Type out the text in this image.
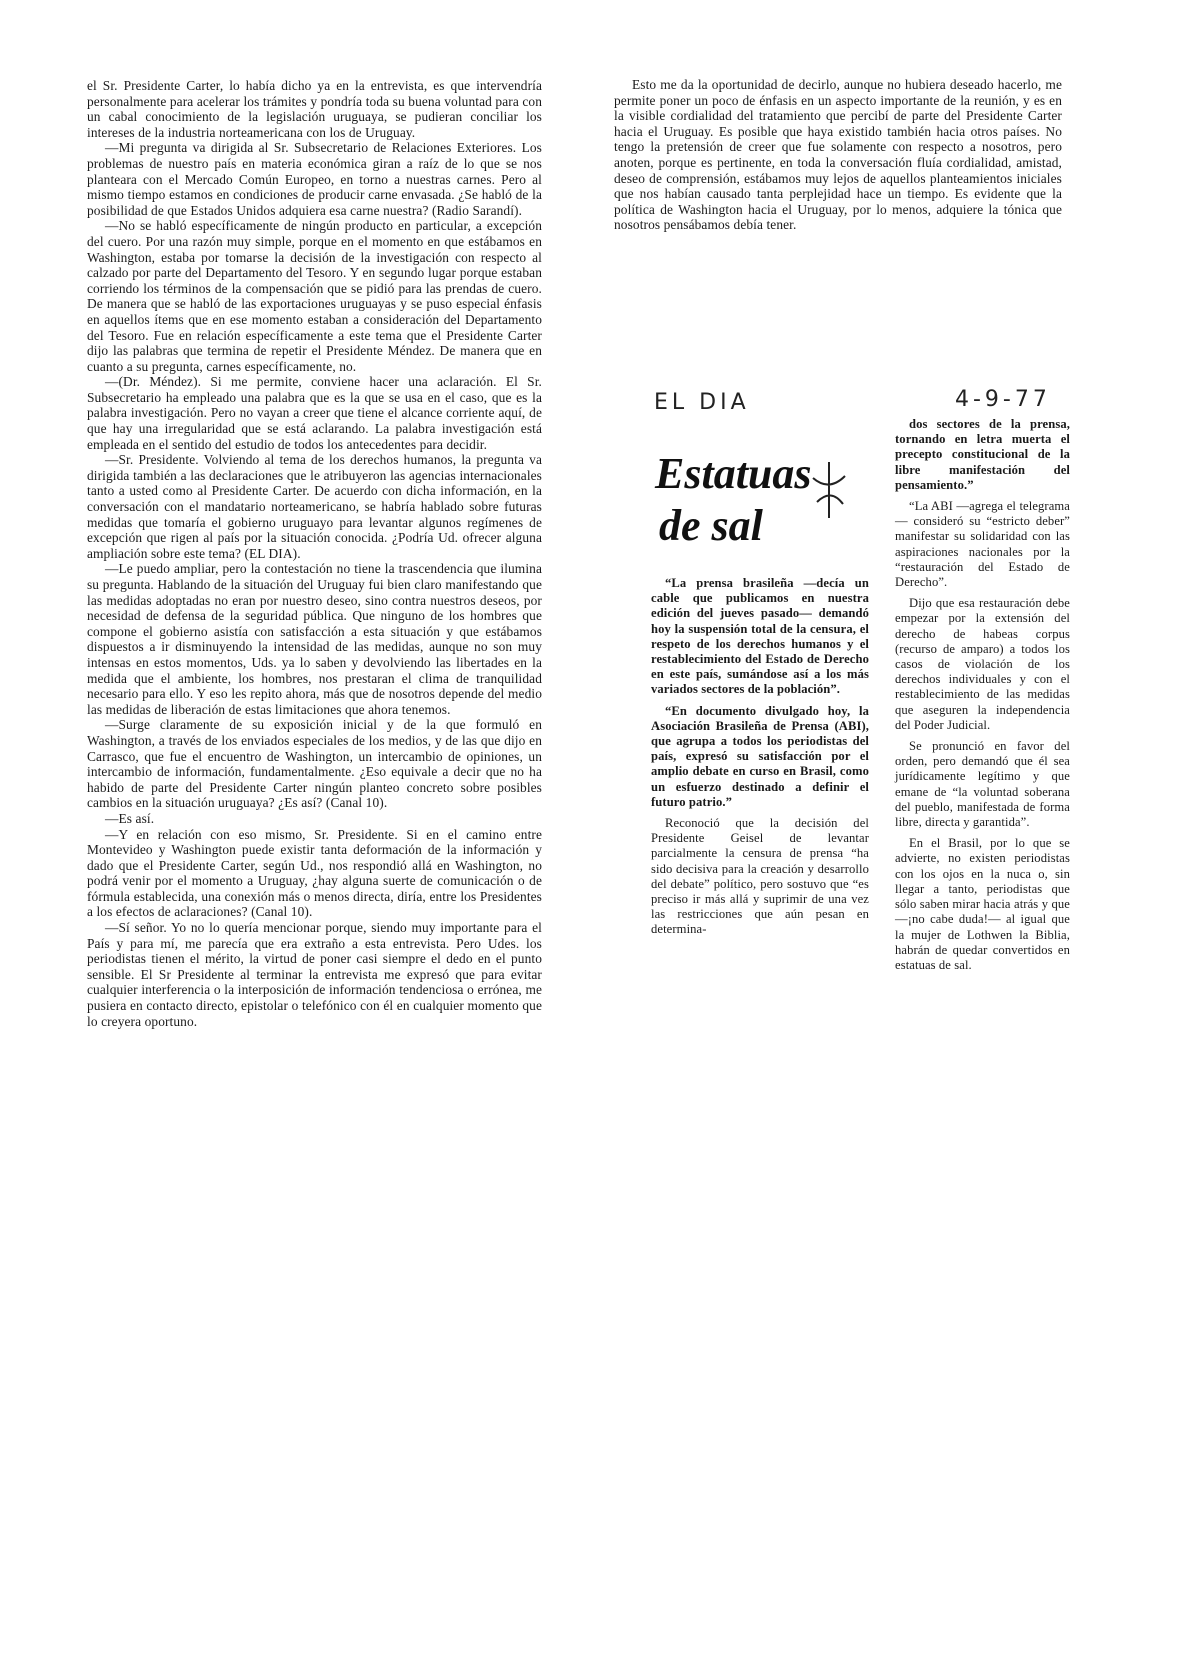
el Sr. Presidente Carter, lo había dicho ya en la entrevista, es que intervendría personalmente para acelerar los trámites y pondría toda su buena voluntad para con un cabal conocimiento de la legislación uruguaya, se pudieran conciliar los intereses de la industria norteamericana con los de Uruguay.

—Mi pregunta va dirigida al Sr. Subsecretario de Relaciones Exteriores. Los problemas de nuestro país en materia económica giran a raíz de lo que se nos planteara con el Mercado Común Europeo, en torno a nuestras carnes. Pero al mismo tiempo estamos en condiciones de producir carne envasada. ¿Se habló de la posibilidad de que Estados Unidos adquiera esa carne nuestra? (Radio Sarandí).

—No se habló específicamente de ningún producto en particular, a excepción del cuero. Por una razón muy simple, porque en el momento en que estábamos en Washington, estaba por tomarse la decisión de la investigación con respecto al calzado por parte del Departamento del Tesoro. Y en segundo lugar porque estaban corriendo los términos de la compensación que se pidió para las prendas de cuero. De manera que se habló de las exportaciones uruguayas y se puso especial énfasis en aquellos ítems que en ese momento estaban a consideración del Departamento del Tesoro. Fue en relación específicamente a este tema que el Presidente Carter dijo las palabras que termina de repetir el Presidente Méndez. De manera que en cuanto a su pregunta, carnes específicamente, no.

—(Dr. Méndez). Si me permite, conviene hacer una aclaración. El Sr. Subsecretario ha empleado una palabra que es la que se usa en el caso, que es la palabra investigación. Pero no vayan a creer que tiene el alcance corriente aquí, de que hay una irregularidad que se está aclarando. La palabra investigación está empleada en el sentido del estudio de todos los antecedentes para decidir.

—Sr. Presidente. Volviendo al tema de los derechos humanos, la pregunta va dirigida también a las declaraciones que le atribuyeron las agencias internacionales tanto a usted como al Presidente Carter. De acuerdo con dicha información, en la conversación con el mandatario norteamericano, se habría hablado sobre futuras medidas que tomaría el gobierno uruguayo para levantar algunos regímenes de excepción que rigen al país por la situación conocida. ¿Podría Ud. ofrecer alguna ampliación sobre este tema? (EL DIA).

—Le puedo ampliar, pero la contestación no tiene la trascendencia que ilumina su pregunta. Hablando de la situación del Uruguay fui bien claro manifestando que las medidas adoptadas no eran por nuestro deseo, sino contra nuestros deseos, por necesidad de defensa de la seguridad pública. Que ninguno de los hombres que compone el gobierno asistía con satisfacción a esta situación y que estábamos dispuestos a ir disminuyendo la intensidad de las medidas, aunque no son muy intensas en estos momentos, Uds. ya lo saben y devolviendo las libertades en la medida que el ambiente, los hombres, nos prestaran el clima de tranquilidad necesario para ello. Y eso les repito ahora, más que de nosotros depende del medio las medidas de liberación de estas limitaciones que ahora tenemos.

—Surge claramente de su exposición inicial y de la que formuló en Washington, a través de los enviados especiales de los medios, y de las que dijo en Carrasco, que fue el encuentro de Washington, un intercambio de opiniones, un intercambio de información, fundamentalmente. ¿Eso equivale a decir que no ha habido de parte del Presidente Carter ningún planteo concreto sobre posibles cambios en la situación uruguaya? ¿Es así? (Canal 10).

—Es así.

—Y en relación con eso mismo, Sr. Presidente. Si en el camino entre Montevideo y Washington puede existir tanta deformación de la información y dado que el Presidente Carter, según Ud., nos respondió allá en Washington, no podrá venir por el momento a Uruguay, ¿hay alguna suerte de comunicación o de fórmula establecida, una conexión más o menos directa, diría, entre los Presidentes a los efectos de aclaraciones? (Canal 10).

—Sí señor. Yo no lo quería mencionar porque, siendo muy importante para el País y para mí, me parecía que era extraño a esta entrevista. Pero Udes. los periodistas tienen el mérito, la virtud de poner casi siempre el dedo en el punto sensible. El Sr Presidente al terminar la entrevista me expresó que para evitar cualquier interferencia o la interposición de información tendenciosa o errónea, me pusiera en contacto directo, epistolar o telefónico con él en cualquier momento que lo creyera oportuno.

Esto me da la oportunidad de decirlo, aunque no hubiera deseado hacerlo, me permite poner un poco de énfasis en un aspecto importante de la reunión, y es en la visible cordialidad del tratamiento que percibí de parte del Presidente Carter hacia el Uruguay. Es posible que haya existido también hacia otros países. No tengo la pretensión de creer que fue solamente con respecto a nosotros, pero anoten, porque es pertinente, en toda la conversación fluía cordialidad, amistad, deseo de comprensión, estábamos muy lejos de aquellos planteamientos iniciales que nos habían causado tanta perplejidad hace un tiempo. Es evidente que la política de Washington hacia el Uruguay, por lo menos, adquiere la tónica que nosotros pensábamos debía tener.

EL DIA	4-9-77
Estatuas
de sal

“La prensa brasileña —decía un cable que publicamos en nuestra edición del jueves pasado— demandó hoy la suspensión total de la censura, el respeto de los derechos humanos y el restablecimiento del Estado de Derecho en este país, sumándose así a los más variados sectores de la población”.

“En documento divulgado hoy, la Asociación Brasileña de Prensa (ABI), que agrupa a todos los periodistas del país, expresó su satisfacción por el amplio debate en curso en Brasil, como un esfuerzo destinado a definir el futuro patrio.”

Reconoció que la decisión del Presidente Geisel de levantar parcialmente la censura de prensa “ha sido decisiva para la creación y desarrollo del debate” político, pero sostuvo que “es preciso ir más allá y suprimir de una vez las restricciones que aún pesan en determina-

dos sectores de la prensa, tornando en letra muerta el precepto constitucional de la libre manifestación del pensamiento.”

“La ABI —agrega el telegrama— consideró su “estricto deber” manifestar su solidaridad con las aspiraciones nacionales por la “restauración del Estado de Derecho”.

Dijo que esa restauración debe empezar por la extensión del derecho de habeas corpus (recurso de amparo) a todos los casos de violación de los derechos individuales y con el restablecimiento de las medidas que aseguren la independencia del Poder Judicial.

Se pronunció en favor del orden, pero demandó que él sea jurídicamente legítimo y que emane de “la voluntad soberana del pueblo, manifestada de forma libre, directa y garantida”.

En el Brasil, por lo que se advierte, no existen periodistas con los ojos en la nuca o, sin llegar a tanto, periodistas que sólo saben mirar hacia atrás y que —¡no cabe duda!— al igual que la mujer de Lothwen la Biblia, habrán de quedar convertidos en estatuas de sal.
